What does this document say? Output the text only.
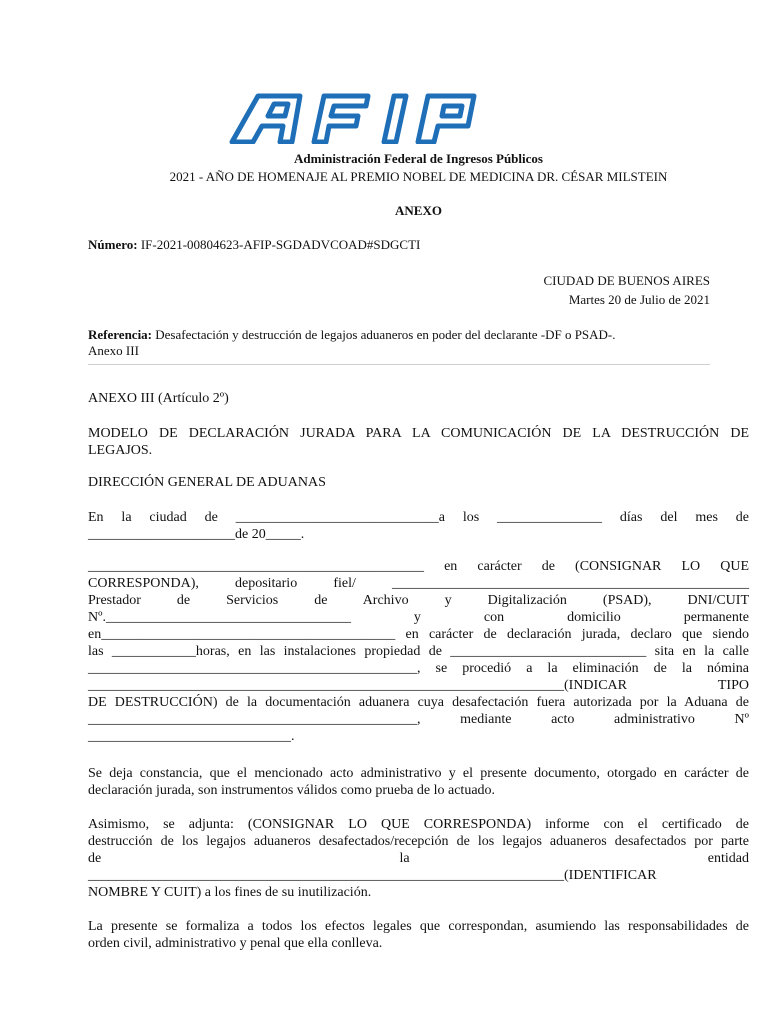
Administración Federal de Ingresos Públicos
2021 - AÑO DE HOMENAJE AL PREMIO NOBEL DE MEDICINA DR. CÉSAR MILSTEIN
ANEXO
Número: IF-2021-00804623-AFIP-SGDADVCOAD#SDGCTI
CIUDAD DE BUENOS AIRES
Martes 20 de Julio de 2021
Referencia: Desafectación y destrucción de legajos aduaneros en poder del declarante -DF o PSAD-.
Anexo III
ANEXO III (Artículo 2º)
MODELO DE DECLARACIÓN JURADA PARA LA COMUNICACIÓN DE LA DESTRUCCIÓN DE
LEGAJOS.
DIRECCIÓN GENERAL DE ADUANAS
En la ciudad de _____________________________a los _______________ días del mes de
_____________________de 20_____.
________________________________________________ en carácter de (CONSIGNAR LO QUE
CORRESPONDA), depositario fiel/ ___________________________________________________
Prestador de Servicios de Archivo y Digitalización (PSAD), DNI/CUIT
Nº.___________________________________ y con domicilio permanente
en__________________________________________ en carácter de declaración jurada, declaro que siendo
las ____________horas, en las instalaciones propiedad de ____________________________ sita en la calle
_______________________________________________, se procedió a la eliminación de la nómina
____________________________________________________________________(INDICAR TIPO
DE DESTRUCCIÓN) de la documentación aduanera cuya desafectación fuera autorizada por la Aduana de
_______________________________________________, mediante acto administrativo Nº
_____________________________.
Se deja constancia, que el mencionado acto administrativo y el presente documento, otorgado en carácter de
declaración jurada, son instrumentos válidos como prueba de lo actuado.
Asimismo, se adjunta: (CONSIGNAR LO QUE CORRESPONDA) informe con el certificado de
destrucción de los legajos aduaneros desafectados/recepción de los legajos aduaneros desafectados por parte
de la entidad
____________________________________________________________________(IDENTIFICAR
NOMBRE Y CUIT) a los fines de su inutilización.
La presente se formaliza a todos los efectos legales que correspondan, asumiendo las responsabilidades de
orden civil, administrativo y penal que ella conlleva.
